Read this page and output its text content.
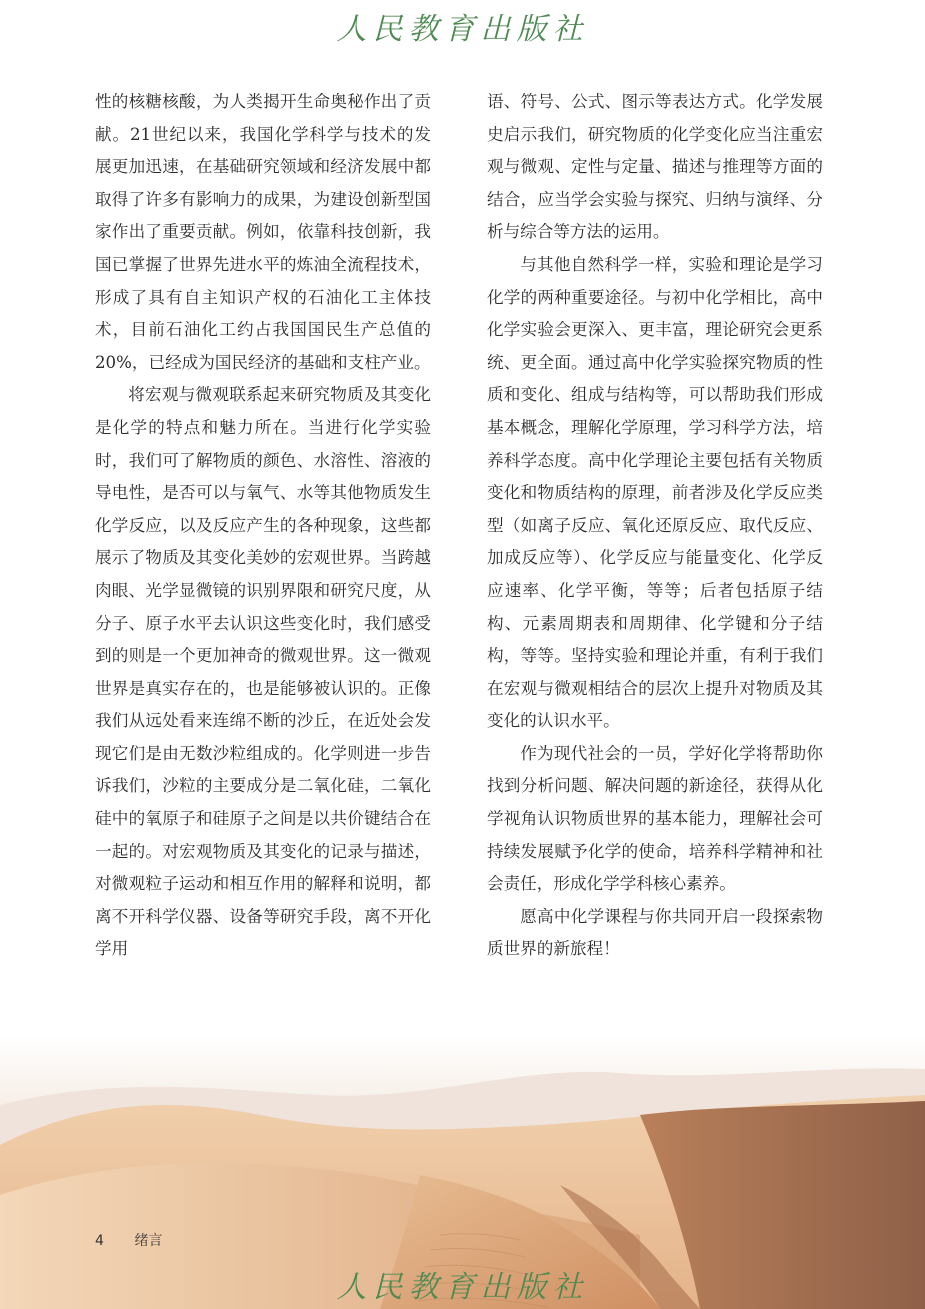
人民教育出版社

性的核糖核酸，为人类揭开生命奥秘作出了贡献。21世纪以来，我国化学科学与技术的发展更加迅速，在基础研究领域和经济发展中都取得了许多有影响力的成果，为建设创新型国家作出了重要贡献。例如，依靠科技创新，我国已掌握了世界先进水平的炼油全流程技术，形成了具有自主知识产权的石油化工主体技术，目前石油化工约占我国国民生产总值的20%，已经成为国民经济的基础和支柱产业。

将宏观与微观联系起来研究物质及其变化是化学的特点和魅力所在。当进行化学实验时，我们可了解物质的颜色、水溶性、溶液的导电性，是否可以与氧气、水等其他物质发生化学反应，以及反应产生的各种现象，这些都展示了物质及其变化美妙的宏观世界。当跨越肉眼、光学显微镜的识别界限和研究尺度，从分子、原子水平去认识这些变化时，我们感受到的则是一个更加神奇的微观世界。这一微观世界是真实存在的，也是能够被认识的。正像我们从远处看来连绵不断的沙丘，在近处会发现它们是由无数沙粒组成的。化学则进一步告诉我们，沙粒的主要成分是二氧化硅，二氧化硅中的氧原子和硅原子之间是以共价键结合在一起的。对宏观物质及其变化的记录与描述，对微观粒子运动和相互作用的解释和说明，都离不开科学仪器、设备等研究手段，离不开化学用

语、符号、公式、图示等表达方式。化学发展史启示我们，研究物质的化学变化应当注重宏观与微观、定性与定量、描述与推理等方面的结合，应当学会实验与探究、归纳与演绎、分析与综合等方法的运用。

与其他自然科学一样，实验和理论是学习化学的两种重要途径。与初中化学相比，高中化学实验会更深入、更丰富，理论研究会更系统、更全面。通过高中化学实验探究物质的性质和变化、组成与结构等，可以帮助我们形成基本概念，理解化学原理，学习科学方法，培养科学态度。高中化学理论主要包括有关物质变化和物质结构的原理，前者涉及化学反应类型（如离子反应、氧化还原反应、取代反应、加成反应等）、化学反应与能量变化、化学反应速率、化学平衡，等等；后者包括原子结构、元素周期表和周期律、化学键和分子结构，等等。坚持实验和理论并重，有利于我们在宏观与微观相结合的层次上提升对物质及其变化的认识水平。

作为现代社会的一员，学好化学将帮助你找到分析问题、解决问题的新途径，获得从化学视角认识物质世界的基本能力，理解社会可持续发展赋予化学的使命，培养科学精神和社会责任，形成化学学科核心素养。

愿高中化学课程与你共同开启一段探索物质世界的新旅程！

4 绪言
人民教育出版社
